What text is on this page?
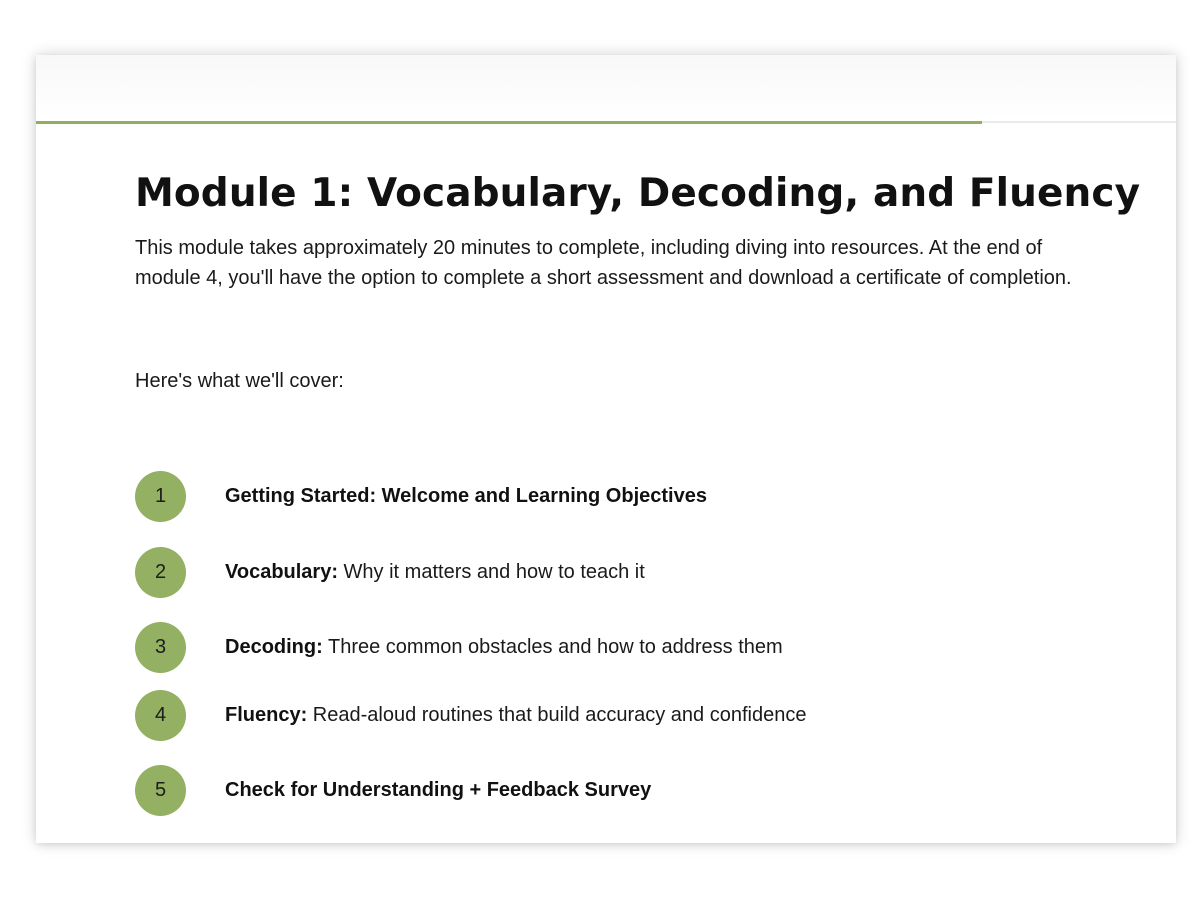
Module 1: Vocabulary, Decoding, and Fluency

This module takes approximately 20 minutes to complete, including diving into resources. At the end of module 4, you'll have the option to complete a short assessment and download a certificate of completion.

Here's what we'll cover:

1	Getting Started: Welcome and Learning Objectives
2	Vocabulary: Why it matters and how to teach it
3	Decoding: Three common obstacles and how to address them
4	Fluency: Read-aloud routines that build accuracy and confidence
5	Check for Understanding + Feedback Survey
